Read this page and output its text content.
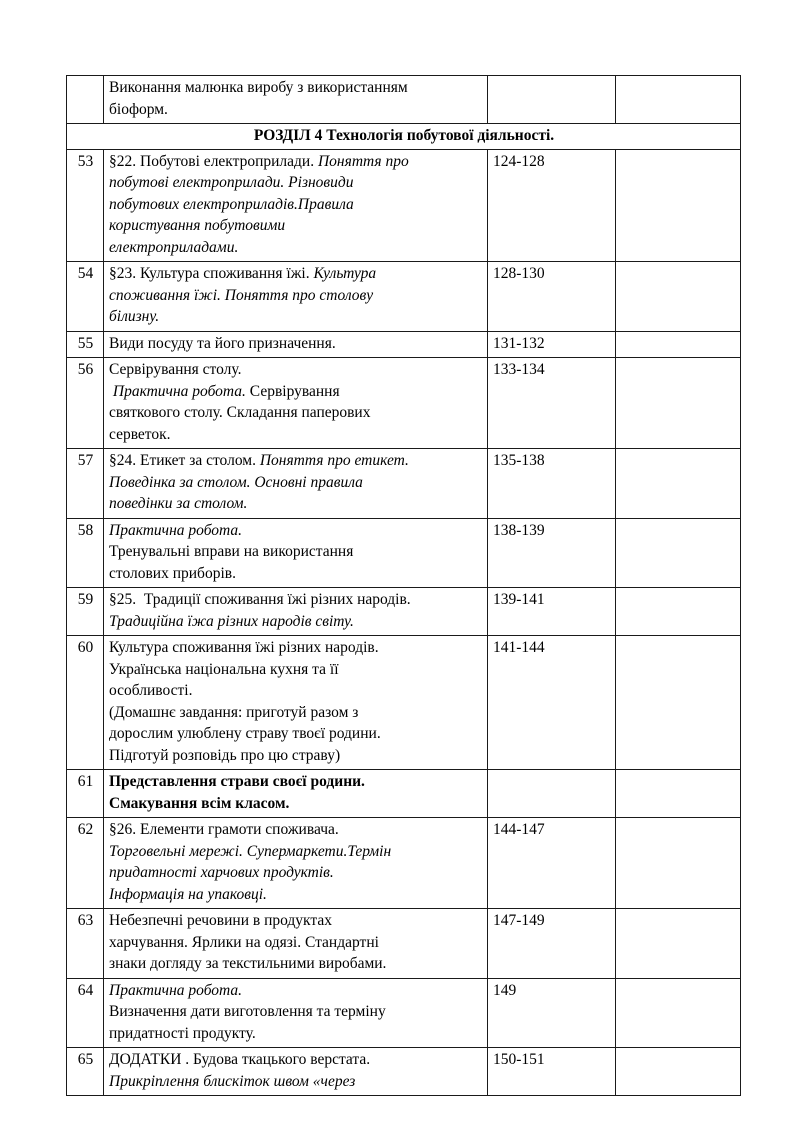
	Виконання малюнка виробу з використанням
біоформ.		

РОЗДІЛ 4 Технологія побутової діяльності.			
53	§22. Побутові електроприлади. Поняття про
побутові електроприлади. Різновиди
побутових електроприладів.Правила
користування побутовими
електроприладами.	124-128	
54	§23. Культура споживання їжі. Культура
споживання їжі. Поняття про столову
білизну.	128-130	
55	Види посуду та його призначення.	131-132	
56	Сервірування столу.
Практична робота. Сервірування
святкового столу. Складання паперових
серветок.	133-134	
57	§24. Етикет за столом. Поняття про етикет.
Поведінка за столом. Основні правила
поведінки за столом.	135-138	
58	Практична робота.
Тренувальні вправи на використання
столових приборів.	138-139	
59	§25.  Традиції споживання їжі різних народів.
Традиційна їжа різних народів світу.	139-141	
60	Культура споживання їжі різних народів.
Українська національна кухня та її
особливості.
(Домашнє завдання: приготуй разом з
дорослим улюблену страву твоєї родини.
Підготуй розповідь про цю страву)
	141-144	
61	Представлення страви своєї родини.
Смакування всім класом.		

62	§26. Елементи грамоти споживача.
Торговельні мережі. Супермаркети.Термін
придатності харчових продуктів.
Інформація на упаковці.	144-147	
63	Небезпечні речовини в продуктах
харчування. Ярлики на одязі. Стандартні
знаки догляду за текстильними виробами.	147-149	
64	Практична робота.
Визначення дати виготовлення та терміну
придатності продукту.	149	
65	ДОДАТКИ . Будова ткацького верстата.
Прикріплення блискіток швом «через	150-151	
